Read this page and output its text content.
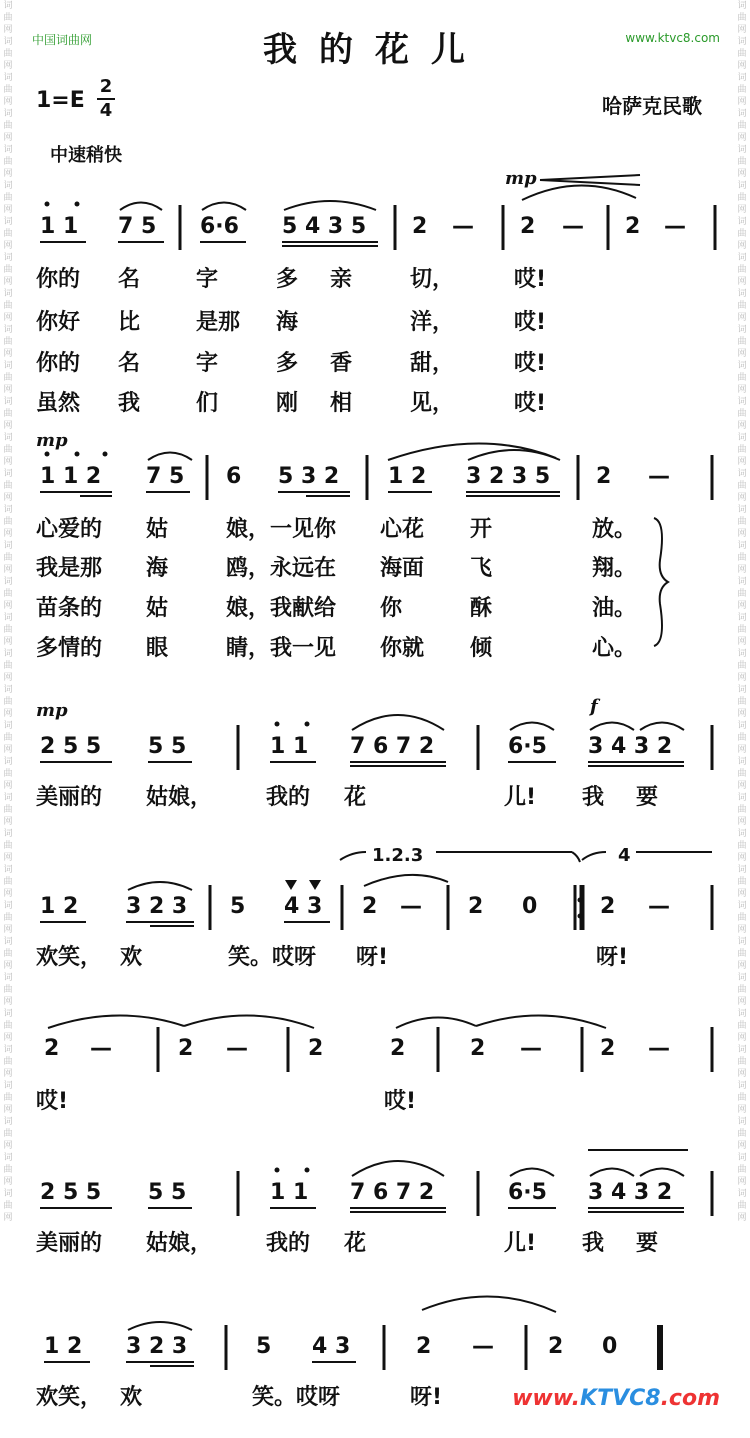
词曲网词曲网词曲网词曲网词曲网词曲网词曲网词曲网词曲网词曲网词曲网词曲网词曲网词曲网词曲网词曲网词曲网词曲网词曲网词曲网词曲网词曲网词曲网词曲网词曲网词曲网词曲网词曲网词曲网词曲网词曲网词曲网词曲网词曲网
词曲网词曲网词曲网词曲网词曲网词曲网词曲网词曲网词曲网词曲网词曲网词曲网词曲网词曲网词曲网词曲网词曲网词曲网词曲网词曲网词曲网词曲网词曲网词曲网词曲网词曲网词曲网词曲网词曲网词曲网词曲网词曲网词曲网词曲网
中国词曲网	www.ktvc8.com
我的花儿
1=E
2
4	哈萨克民歌
中速稍快
mp
mp
mp	f
1 1 7 5 6·6 5 4 3 5 2 — 2 — 2 —
你的 名	字	多 亲	切，	哎!
你好 比	是那 海	洋，	哎!
你的 名	字	多 香	甜，	哎!
虽然 我	们	刚 相	见，	哎!
1 1 2 7 5 6 5 3 2 1 2 3 2 3 5 2 —
心爱的 姑	娘，一见你 心花 开	放。
我是那 海	鸥，永远在 海面 飞	翔。
苗条的 姑	娘，我献给 你	酥	油。
多情的 眼	睛，我一见 你就 倾	心。
2 5 5 5 5	1 1 7 6 7 2	6·5 3 4 3 2
美丽的 姑娘， 我的 花	儿! 我 要
1.2.3	4
1 2 3 2 3 5 4 3 2 — 2 0	2 —
欢笑， 欢	笑。哎呀 呀!	呀!
2 —	2 —	2	2	2 —	2 —
哎!	哎!
2 5 5 5 5	1 1 7 6 7 2	6·5 3 4 3 2
美丽的 姑娘， 我的 花	儿! 我 要
1 2 3 2 3	5 4 3	2 — 2 0
欢笑， 欢	笑。哎呀	呀!	www.KTVC8.com
